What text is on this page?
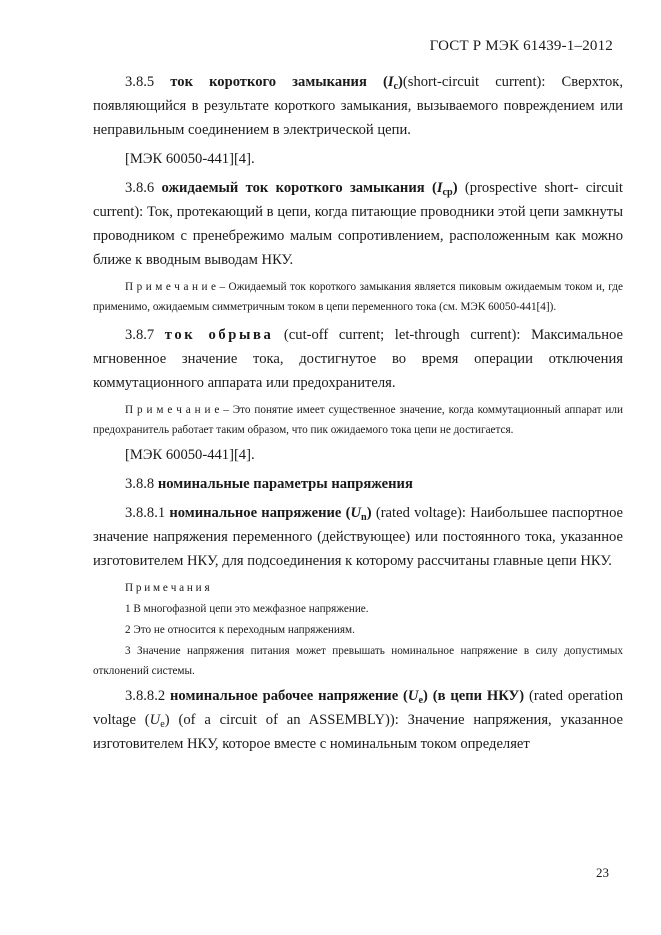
ГОСТ Р МЭК 61439-1–2012

3.8.5 ток короткого замыкания $(I_c)(short$-circuit current): Сверхток, появляющийся в результате короткого замыкания, вызываемого повреждением или неправильным соединением в электрической цепи.

[МЭК 60050-441][4].

3.8.6 ожидаемый ток короткого замыкания $(I_{cp})$ (prospective short- circuit current): Ток, протекающий в цепи, когда питающие проводники этой цепи замкнуты проводником с пренебрежимо малым сопротивлением, расположенным как можно ближе к вводным выводам НКУ.

П р и м е ч а н и е – Ожидаемый ток короткого замыкания является пиковым ожидаемым током и, где применимо, ожидаемым симметричным током в цепи переменного тока (см. МЭК 60050-441[4]).

3.8.7 ток обрыва (cut-off current; let-through current): Максимальное мгновенное значение тока, достигнутое во время операции отключения коммутационного аппарата или предохранителя.

П р и м е ч а н и е – Это понятие имеет существенное значение, когда коммутационный аппарат или предохранитель работает таким образом, что пик ожидаемого тока цепи не достигается.

[МЭК 60050-441][4].

3.8.8 номинальные параметры напряжения

3.8.8.1 номинальное напряжение $(U_n)$ (rated voltage): Наибольшее паспортное значение напряжения переменного (действующее) или постоянного тока, указанное изготовителем НКУ, для подсоединения к которому рассчитаны главные цепи НКУ.

П р и м е ч а н и я

1 В многофазной цепи это межфазное напряжение.

2 Это не относится к переходным напряжениям.

3 Значение напряжения питания может превышать номинальное напряжение в силу допустимых отклонений системы.

3.8.8.2 номинальное рабочее напряжение $(U_e)$ (в цепи НКУ) (rated operation voltage $(U_e)$ (of a circuit of an ASSEMBLY)): Значение напряжения, указанное изготовителем НКУ, которое вместе с номинальным током определяет

23
